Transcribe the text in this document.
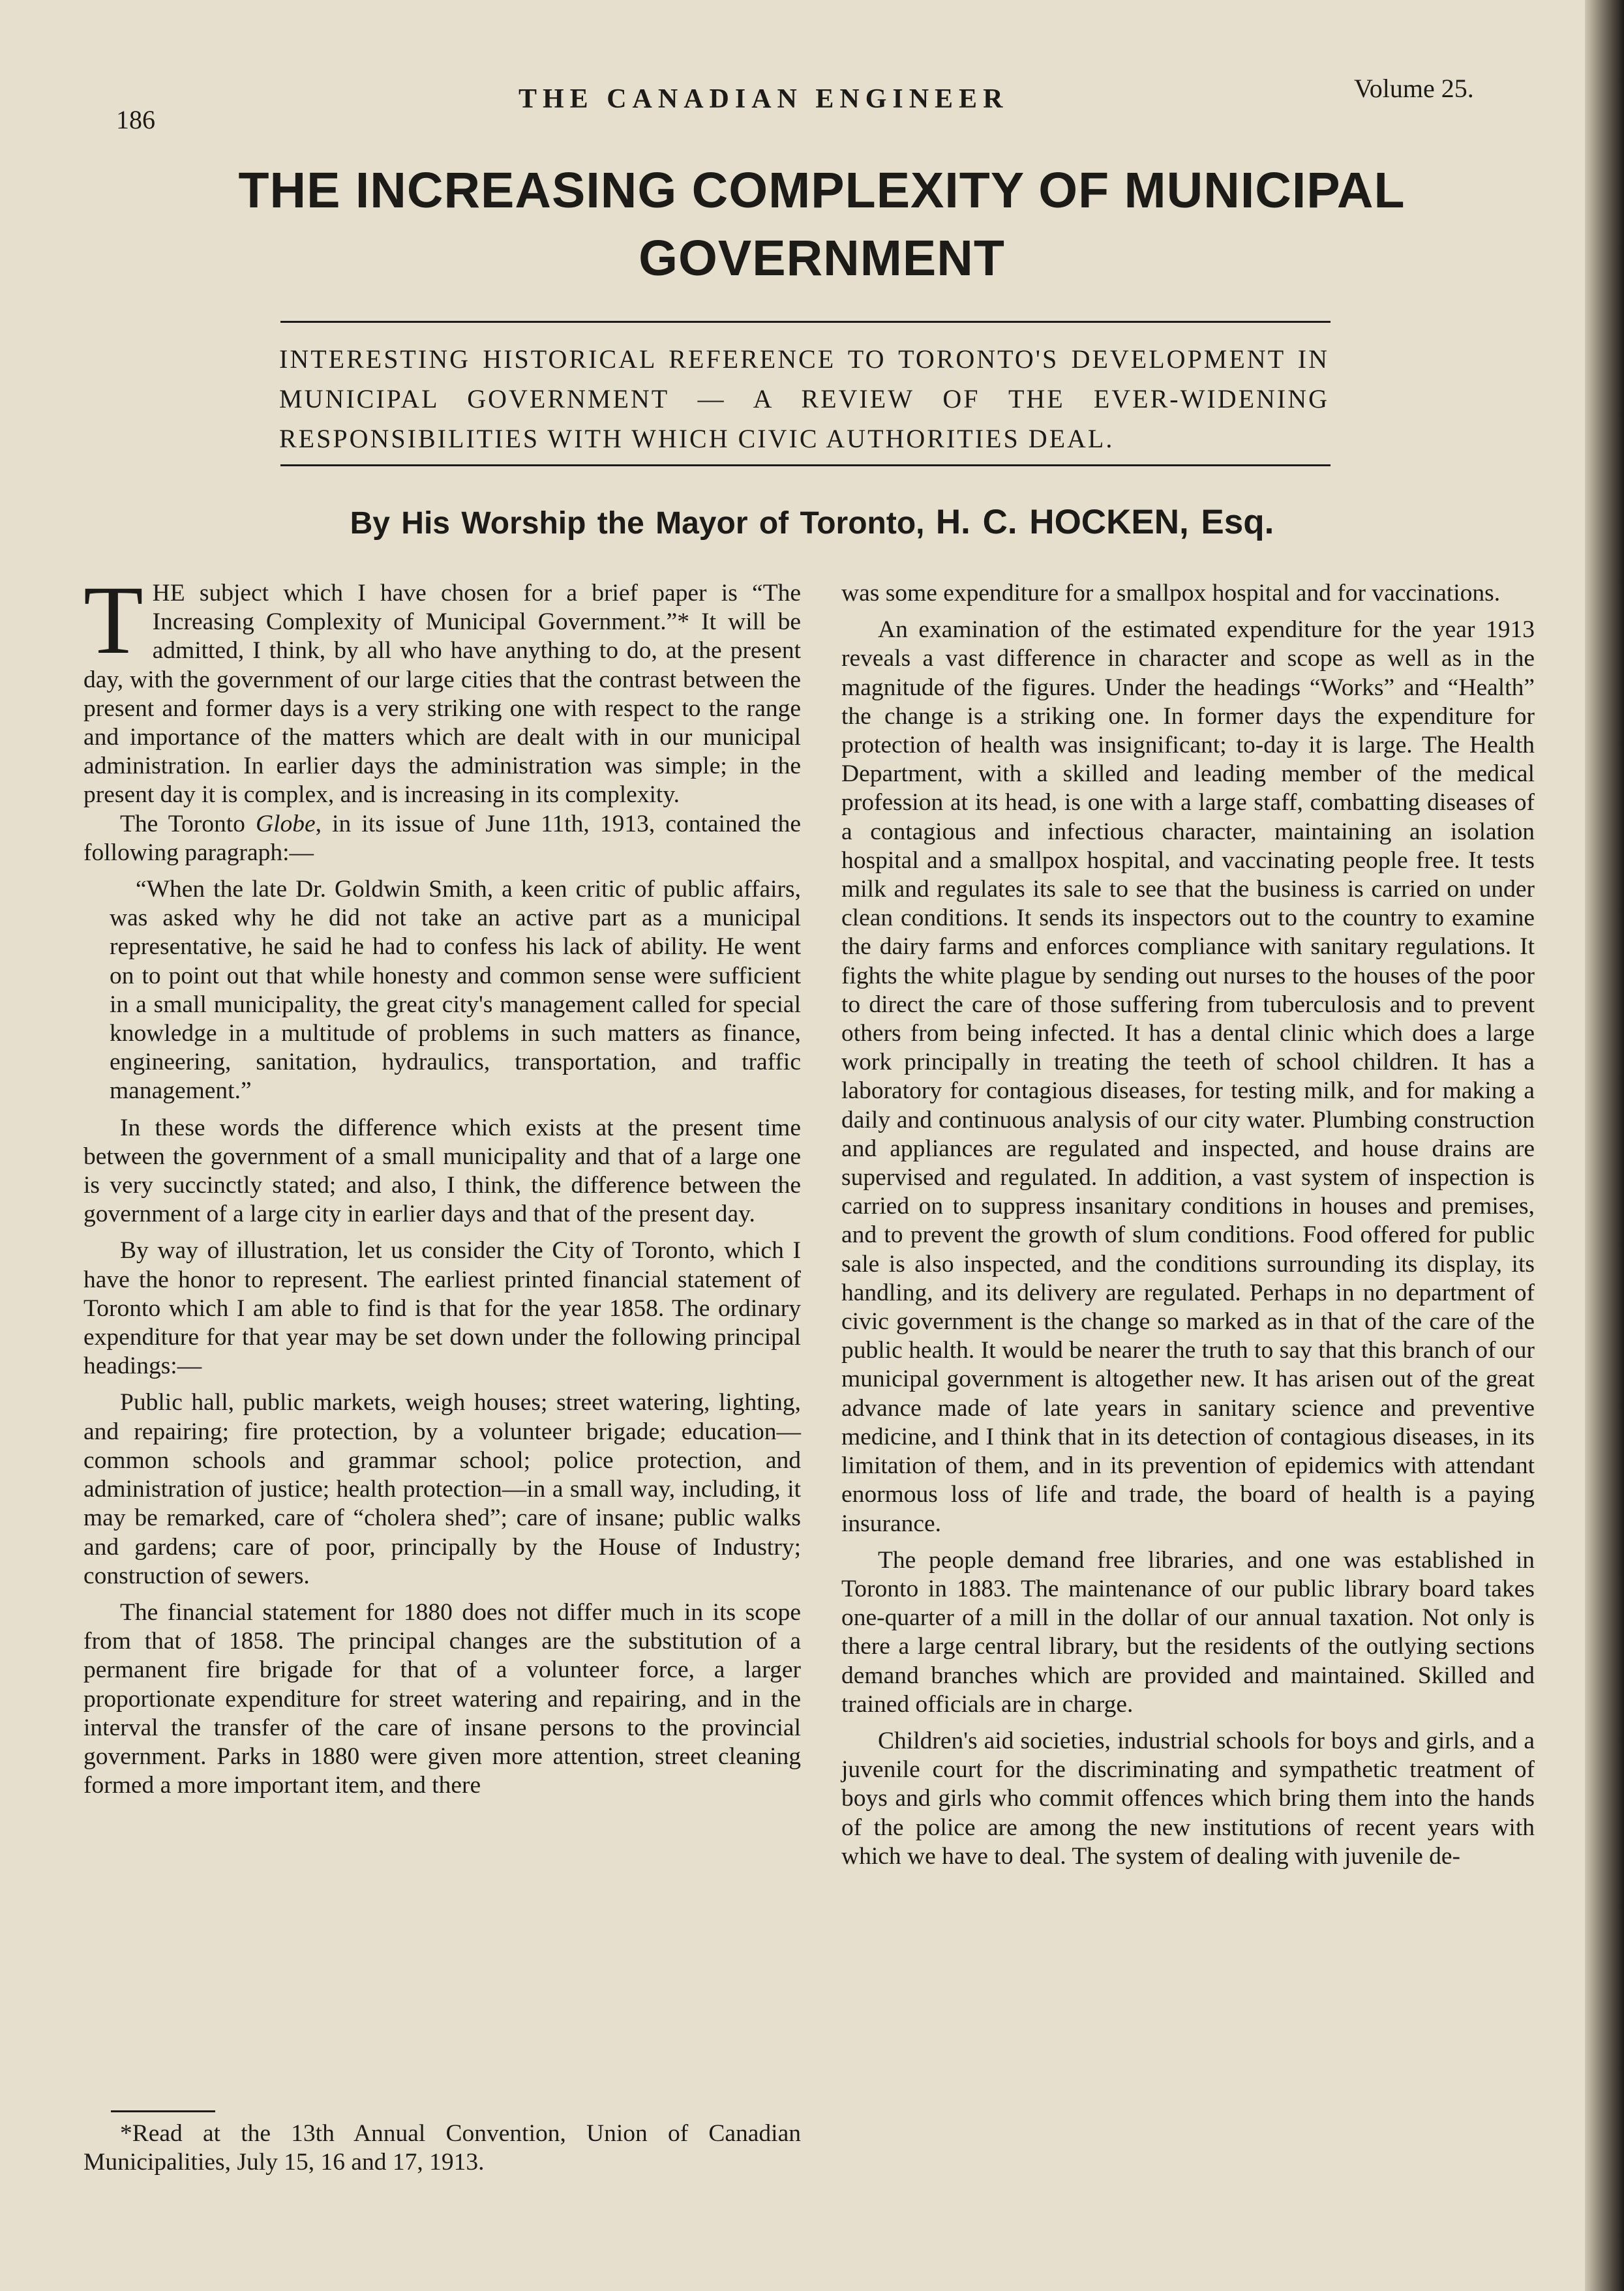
186
THE CANADIAN ENGINEER	Volume 25.
THE INCREASING COMPLEXITY OF MUNICIPAL
GOVERNMENT
INTERESTING HISTORICAL REFERENCE TO TORONTO'S DEVELOPMENT IN MUNICIPAL GOVERNMENT — A REVIEW OF THE EVER-WIDENING RESPONSIBILITIES WITH WHICH CIVIC AUTHORITIES DEAL.
By His Worship the Mayor of Toronto, H. C. HOCKEN, Esq.

THE subject which I have chosen for a brief paper is “The Increasing Complexity of Municipal Government.”* It will be admitted, I think, by all who have anything to do, at the present day, with the government of our large cities that the contrast between the present and former days is a very striking one with respect to the range and importance of the matters which are dealt with in our municipal administration. In earlier days the administration was simple; in the present day it is complex, and is increasing in its complexity.

The Toronto Globe, in its issue of June 11th, 1913, contained the following paragraph:—

“When the late Dr. Goldwin Smith, a keen critic of public affairs, was asked why he did not take an active part as a municipal representative, he said he had to confess his lack of ability. He went on to point out that while honesty and common sense were sufficient in a small municipality, the great city's management called for special knowledge in a multitude of problems in such matters as finance, engineering, sanitation, hydraulics, transportation, and traffic management.”

In these words the difference which exists at the present time between the government of a small municipality and that of a large one is very succinctly stated; and also, I think, the difference between the government of a large city in earlier days and that of the present day.

By way of illustration, let us consider the City of Toronto, which I have the honor to represent. The earliest printed financial statement of Toronto which I am able to find is that for the year 1858. The ordinary expenditure for that year may be set down under the following principal headings:—

Public hall, public markets, weigh houses; street watering, lighting, and repairing; fire protection, by a volunteer brigade; education—common schools and grammar school; police protection, and administration of justice; health protection—in a small way, including, it may be remarked, care of “cholera shed”; care of insane; public walks and gardens; care of poor, principally by the House of Industry; construction of sewers.

The financial statement for 1880 does not differ much in its scope from that of 1858. The principal changes are the substitution of a permanent fire brigade for that of a volunteer force, a larger proportionate expenditure for street watering and repairing, and in the interval the transfer of the care of insane persons to the provincial government. Parks in 1880 were given more attention, street cleaning formed a more important item, and there

*Read at the 13th Annual Convention, Union of Canadian Municipalities, July 15, 16 and 17, 1913.

was some expenditure for a smallpox hospital and for vaccinations.

An examination of the estimated expenditure for the year 1913 reveals a vast difference in character and scope as well as in the magnitude of the figures. Under the headings “Works” and “Health” the change is a striking one. In former days the expenditure for protection of health was insignificant; to-day it is large. The Health Department, with a skilled and leading member of the medical profession at its head, is one with a large staff, combatting diseases of a contagious and infectious character, maintaining an isolation hospital and a smallpox hospital, and vaccinating people free. It tests milk and regulates its sale to see that the business is carried on under clean conditions. It sends its inspectors out to the country to examine the dairy farms and enforces compliance with sanitary regulations. It fights the white plague by sending out nurses to the houses of the poor to direct the care of those suffering from tuberculosis and to prevent others from being infected. It has a dental clinic which does a large work principally in treating the teeth of school children. It has a laboratory for contagious diseases, for testing milk, and for making a daily and continuous analysis of our city water. Plumbing construction and appliances are regulated and inspected, and house drains are supervised and regulated. In addition, a vast system of inspection is carried on to suppress insanitary conditions in houses and premises, and to prevent the growth of slum conditions. Food offered for public sale is also inspected, and the conditions surrounding its display, its handling, and its delivery are regulated. Perhaps in no department of civic government is the change so marked as in that of the care of the public health. It would be nearer the truth to say that this branch of our municipal government is altogether new. It has arisen out of the great advance made of late years in sanitary science and preventive medicine, and I think that in its detection of contagious diseases, in its limitation of them, and in its prevention of epidemics with attendant enormous loss of life and trade, the board of health is a paying insurance.

The people demand free libraries, and one was established in Toronto in 1883. The maintenance of our public library board takes one-quarter of a mill in the dollar of our annual taxation. Not only is there a large central library, but the residents of the outlying sections demand branches which are provided and maintained. Skilled and trained officials are in charge.

Children's aid societies, industrial schools for boys and girls, and a juvenile court for the discriminating and sympathetic treatment of boys and girls who commit offences which bring them into the hands of the police are among the new institutions of recent years with which we have to deal. The system of dealing with juvenile de-
